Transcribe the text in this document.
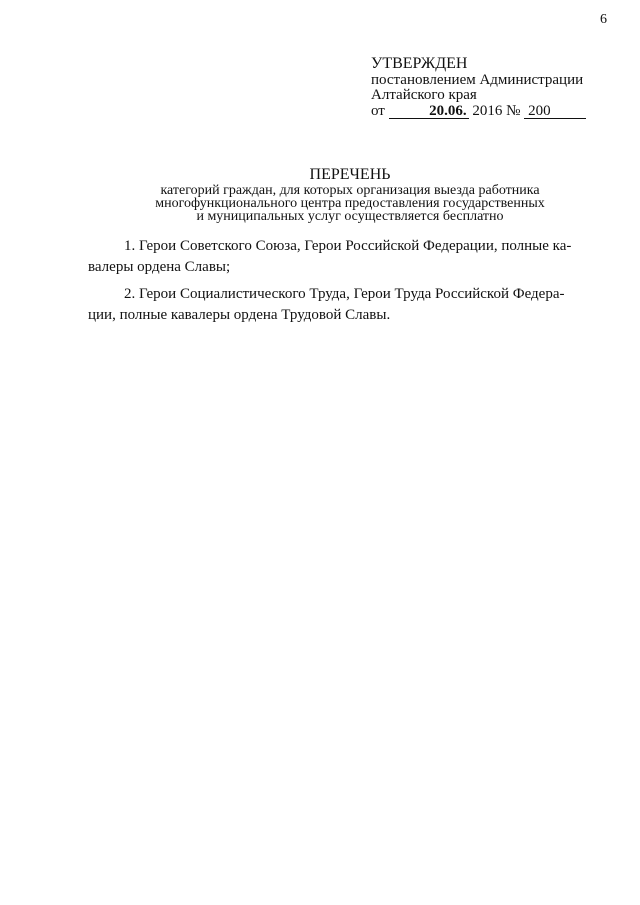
6
УТВЕРЖДЕН
постановлением Администрации
Алтайского края
от	20.06. 2016 № 200
ПЕРЕЧЕНЬ
категорий граждан, для которых организация выезда работника
многофункционального центра предоставления государственных
и муниципальных услуг осуществляется бесплатно

1. Герои Советского Союза, Герои Российской Федерации, полные ка-
валеры ордена Славы;

2. Герои Социалистического Труда, Герои Труда Российской Федера-
ции, полные кавалеры ордена Трудовой Славы.
